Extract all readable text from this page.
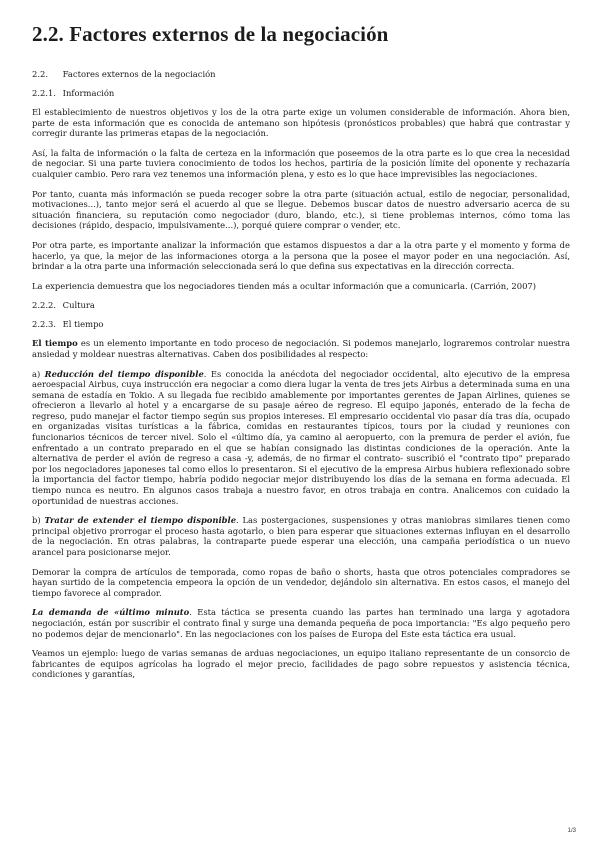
2.2. Factores externos de la negociación
2.2. Factores externos de la negociación
2.2.1. Información

El establecimiento de nuestros objetivos y los de la otra parte exige un volumen considerable de información. Ahora bien, parte de esta información que es conocida de antemano son hipótesis (pronósticos probables) que habrá que contrastar y corregir durante las primeras etapas de la negociación.

Así, la falta de información o la falta de certeza en la información que poseemos de la otra parte es lo que crea la necesidad de negociar. Si una parte tuviera conocimiento de todos los hechos, partiría de la posición límite del oponente y rechazaría cualquier cambio. Pero rara vez tenemos una información plena, y esto es lo que hace imprevisibles las negociaciones.

Por tanto, cuanta más información se pueda recoger sobre la otra parte (situación actual, estilo de negociar, personalidad, motivaciones...), tanto mejor será el acuerdo al que se llegue. Debemos buscar datos de nuestro adversario acerca de su situación financiera, su reputación como negociador (duro, blando, etc.), si tiene problemas internos, cómo toma las decisiones (rápido, despacio, impulsivamente...), porqué quiere comprar o vender, etc.

Por otra parte, es importante analizar la información que estamos dispuestos a dar a la otra parte y el momento y forma de hacerlo, ya que, la mejor de las informaciones otorga a la persona que la posee el mayor poder en una negociación. Así, brindar a la otra parte una información seleccionada será lo que defina sus expectativas en la dirección correcta.

La experiencia demuestra que los negociadores tienden más a ocultar información que a comunicarla. (Carrión, 2007)

2.2.2. Cultura
2.2.3. El tiempo

El tiempo es un elemento importante en todo proceso de negociación. Si podemos manejarlo, lograremos controlar nuestra ansiedad y moldear nuestras alternativas. Caben dos posibilidades al respecto:

a) Reducción del tiempo disponible. Es conocida la anécdota del negociador occidental, alto ejecutivo de la empresa aeroespacial Airbus, cuya instrucción era negociar a como diera lugar la venta de tres jets Airbus a determinada suma en una semana de estadía en Tokio. A su llegada fue recibido amablemente por importantes gerentes de Japan Airlines, quienes se ofrecieron a llevarlo al hotel y a encargarse de su pasaje aéreo de regreso. El equipo japonés, enterado de la fecha de regreso, pudo manejar el factor tiempo según sus propios intereses. El empresario occidental vio pasar día tras día, ocupado en organizadas visitas turísticas a la fábrica, comidas en restaurantes típicos, tours por la ciudad y reuniones con funcionarios técnicos de tercer nivel. Solo el «último día, ya camino al aeropuerto, con la premura de perder el avión, fue enfrentado a un contrato preparado en el que se habían consignado las distintas condiciones de la operación. Ante la alternativa de perder el avión de regreso a casa -y, además, de no firmar el contrato- suscribió el "contrato tipo" preparado por los negociadores japoneses tal como ellos lo presentaron. Si el ejecutivo de la empresa Airbus hubiera reflexionado sobre la importancia del factor tiempo, habría podido negociar mejor distribuyendo los días de la semana en forma adecuada. El tiempo nunca es neutro. En algunos casos trabaja a nuestro favor, en otros trabaja en contra. Analicemos con cuidado la oportunidad de nuestras acciones.

b) Tratar de extender el tiempo disponible. Las postergaciones, suspensiones y otras maniobras similares tienen como principal objetivo prorrogar el proceso hasta agotarlo, o bien para esperar que situaciones externas influyan en el desarrollo de la negociación. En otras palabras, la contraparte puede esperar una elección, una campaña periodística o un nuevo arancel para posicionarse mejor.

Demorar la compra de artículos de temporada, como ropas de baño o shorts, hasta que otros potenciales compradores se hayan surtido de la competencia empeora la opción de un vendedor, dejándolo sin alternativa. En estos casos, el manejo del tiempo favorece al comprador.

La demanda de «último minuto. Esta táctica se presenta cuando las partes han terminado una larga y agotadora negociación, están por suscribir el contrato final y surge una demanda pequeña de poca importancia: "Es algo pequeño pero no podemos dejar de mencionarlo". En las negociaciones con los países de Europa del Este esta táctica era usual.

Veamos un ejemplo: luego de varias semanas de arduas negociaciones, un equipo italiano representante de un consorcio de fabricantes de equipos agrícolas ha logrado el mejor precio, facilidades de pago sobre repuestos y asistencia técnica, condiciones y garantías,

1/3
